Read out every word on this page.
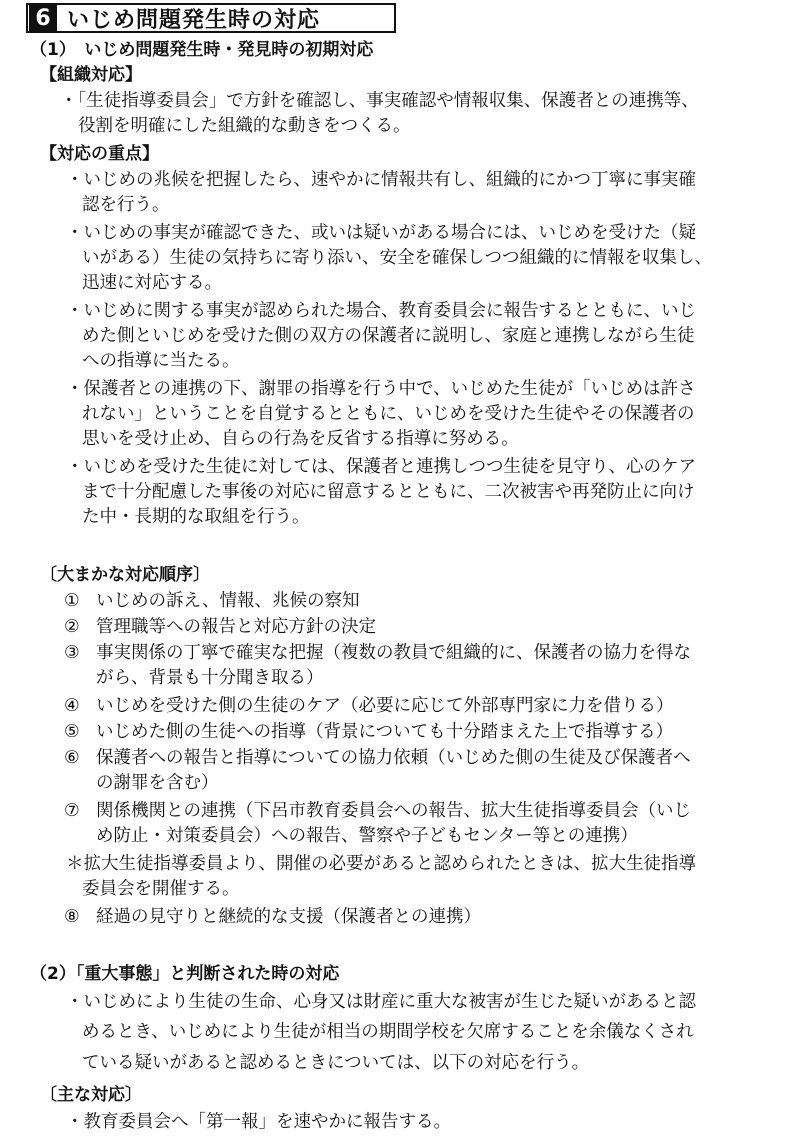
6 いじめ問題発生時の対応
（1）　いじめ問題発生時・発見時の初期対応
【組織対応】
・「生徒指導委員会」で方針を確認し、事実確認や情報収集、保護者との連携等、
役割を明確にした組織的な動きをつくる。
【対応の重点】
・いじめの兆候を把握したら、速やかに情報共有し、組織的にかつ丁寧に事実確
認を行う。
・いじめの事実が確認できた、或いは疑いがある場合には、いじめを受けた（疑
いがある）生徒の気持ちに寄り添い、安全を確保しつつ組織的に情報を収集し、
迅速に対応する。
・いじめに関する事実が認められた場合、教育委員会に報告するとともに、いじ
めた側といじめを受けた側の双方の保護者に説明し、家庭と連携しながら生徒
への指導に当たる。
・保護者との連携の下、謝罪の指導を行う中で、いじめた生徒が「いじめは許さ
れない」ということを自覚するとともに、いじめを受けた生徒やその保護者の
思いを受け止め、自らの行為を反省する指導に努める。
・いじめを受けた生徒に対しては、保護者と連携しつつ生徒を見守り、心のケア
まで十分配慮した事後の対応に留意するとともに、二次被害や再発防止に向け
た中・長期的な取組を行う。
〔大まかな対応順序〕
① いじめの訴え、情報、兆候の察知
② 管理職等への報告と対応方針の決定
③ 事実関係の丁寧で確実な把握（複数の教員で組織的に、保護者の協力を得な
がら、背景も十分聞き取る）
④ いじめを受けた側の生徒のケア（必要に応じて外部専門家に力を借りる）
⑤ いじめた側の生徒への指導（背景についても十分踏まえた上で指導する）
⑥ 保護者への報告と指導についての協力依頼（いじめた側の生徒及び保護者へ
の謝罪を含む）
⑦ 関係機関との連携（下呂市教育委員会への報告、拡大生徒指導委員会（いじ
め防止・対策委員会）への報告、警察や子どもセンター等との連携）
＊拡大生徒指導委員より、開催の必要があると認められたときは、拡大生徒指導
委員会を開催する。
⑧ 経過の見守りと継続的な支援（保護者との連携）
（2）「重大事態」と判断された時の対応
・いじめにより生徒の生命、心身又は財産に重大な被害が生じた疑いがあると認
めるとき、いじめにより生徒が相当の期間学校を欠席することを余儀なくされ
ている疑いがあると認めるときについては、以下の対応を行う。
〔主な対応〕
・教育委員会へ「第一報」を速やかに報告する。
